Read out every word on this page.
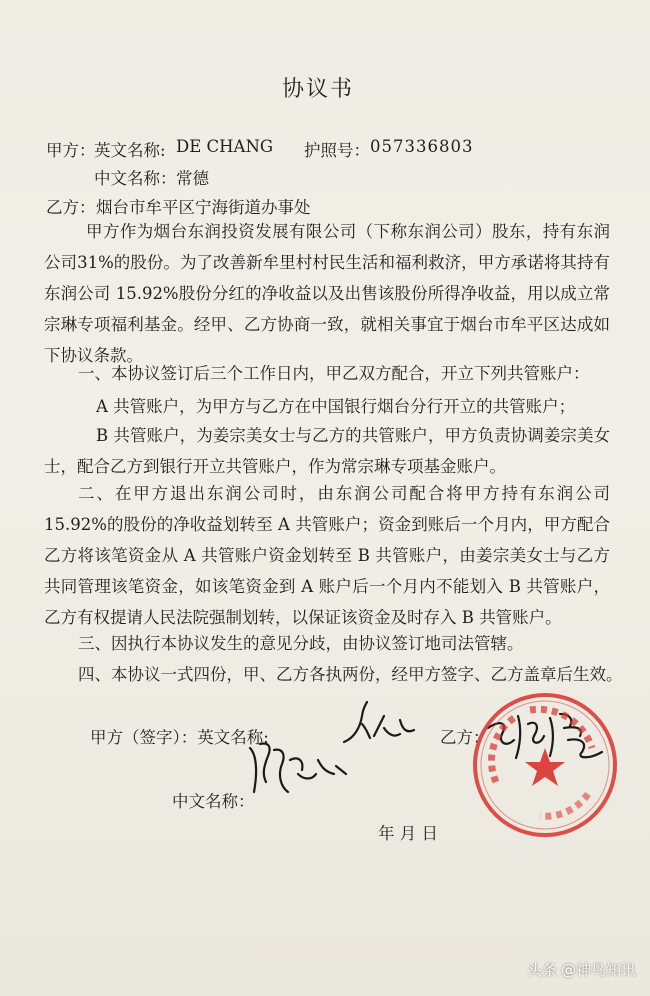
协议书
甲方：
英文名称: DE CHANG 护照号： 057336803
中文名称： 常德
乙方： 烟台市牟平区宁海街道办事处
甲方作为烟台东润投资发展有限公司（下称东润公司）股东，持有东润公司31%的股份。为了改善新牟里村村民生活和福利救济，甲方承诺将其持有东润公司 15.92%股份分红的净收益以及出售该股份所得净收益，用以成立常宗琳专项福利基金。经甲、乙方协商一致，就相关事宜于烟台市牟平区达成如下协议条款。
一、本协议签订后三个工作日内，甲乙双方配合，开立下列共管账户：
A 共管账户，为甲方与乙方在中国银行烟台分行开立的共管账户；
B 共管账户，为姜宗美女士与乙方的共管账户，甲方负责协调姜宗美女士，配合乙方到银行开立共管账户，作为常宗琳专项基金账户。
二、在甲方退出东润公司时，由东润公司配合将甲方持有东润公司 15.92%的股份的净收益划转至 A 共管账户；资金到账后一个月内，甲方配合乙方将该笔资金从 A 共管账户资金划转至 B 共管账户，由姜宗美女士与乙方共同管理该笔资金，如该笔资金到 A 账户后一个月内不能划入 B 共管账户，乙方有权提请人民法院强制划转，以保证该资金及时存入 B 共管账户。
三、因执行本协议发生的意见分歧，由协议签订地司法管辖。
四、本协议一式四份，甲、乙方各执两份，经甲方签字、乙方盖章后生效。
甲方（签字）：英文名称:	乙方：
中文名称：
年 月 日
头条 @神鸟知讯
